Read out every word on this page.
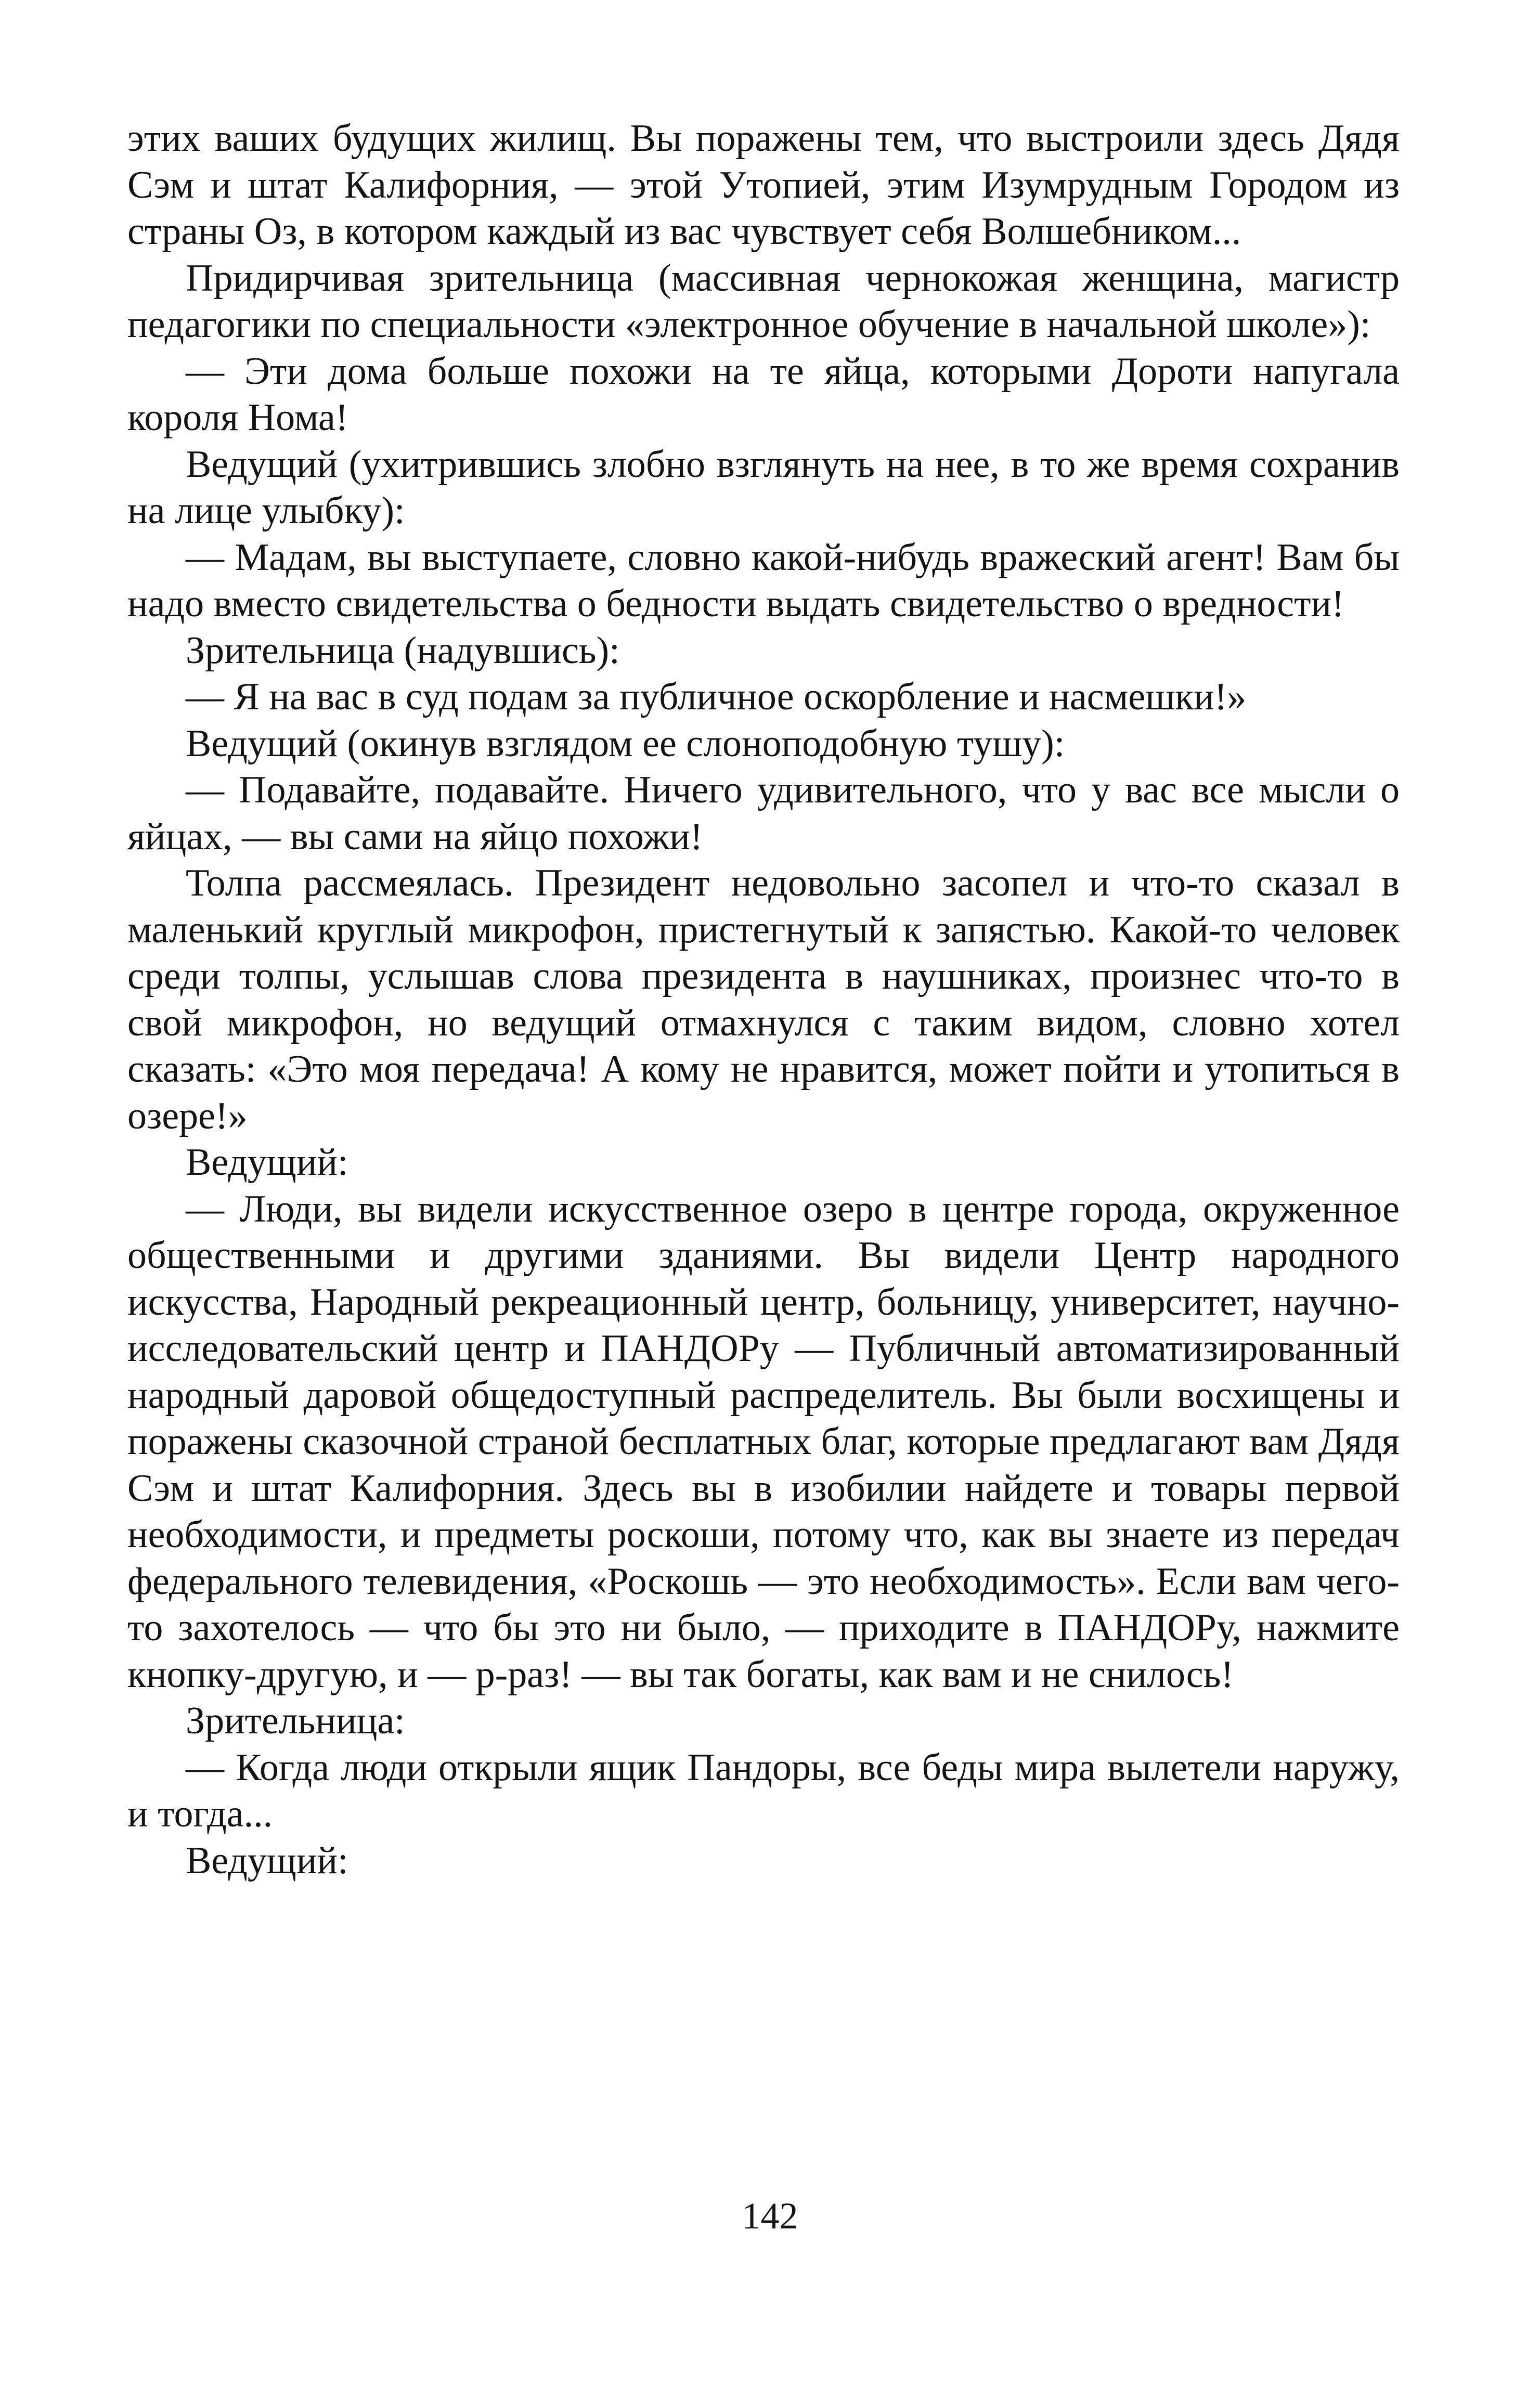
этих ваших будущих жилищ. Вы поражены тем, что выстроили здесь Дядя Сэм и штат Калифорния, — этой Утопией, этим Изумрудным Городом из страны Оз, в котором каждый из вас чувствует себя Волшебником...

Придирчивая зрительница (массивная чернокожая женщина, магистр педагогики по специальности «электронное обучение в начальной школе»):

— Эти дома больше похожи на те яйца, которыми Дороти напугала короля Нома!

Ведущий (ухитрившись злобно взглянуть на нее, в то же время сохранив на лице улыбку):

— Мадам, вы выступаете, словно какой-нибудь вражеский агент! Вам бы надо вместо свидетельства о бедности выдать свидетельство о вредности!

Зрительница (надувшись):

— Я на вас в суд подам за публичное оскорбление и насмешки!»

Ведущий (окинув взглядом ее слоноподобную тушу):

— Подавайте, подавайте. Ничего удивительного, что у вас все мысли о яйцах, — вы сами на яйцо похожи!

Толпа рассмеялась. Президент недовольно засопел и что-то сказал в маленький круглый микрофон, пристегнутый к запястью. Какой-то человек среди толпы, услышав слова президента в наушниках, произнес что-то в свой микрофон, но ведущий отмахнулся с таким видом, словно хотел сказать: «Это моя передача! А кому не нравится, может пойти и утопиться в озере!»

Ведущий:

— Люди, вы видели искусственное озеро в центре города, окруженное общественными и другими зданиями. Вы видели Центр народного искусства, Народный рекреационный центр, больницу, университет, научно-исследовательский центр и ПАНДОРу — Публичный автоматизированный народный даровой общедоступный распределитель. Вы были восхищены и поражены сказочной страной бесплатных благ, которые предлагают вам Дядя Сэм и штат Калифорния. Здесь вы в изобилии найдете и товары первой необходимости, и предметы роскоши, потому что, как вы знаете из передач федерального телевидения, «Роскошь — это необходимость». Если вам чего-то захотелось — что бы это ни было, — приходите в ПАНДОРу, нажмите кнопку-другую, и — р-раз! — вы так богаты, как вам и не снилось!

Зрительница:

— Когда люди открыли ящик Пандоры, все беды мира вылетели наружу, и тогда...

Ведущий:

142
